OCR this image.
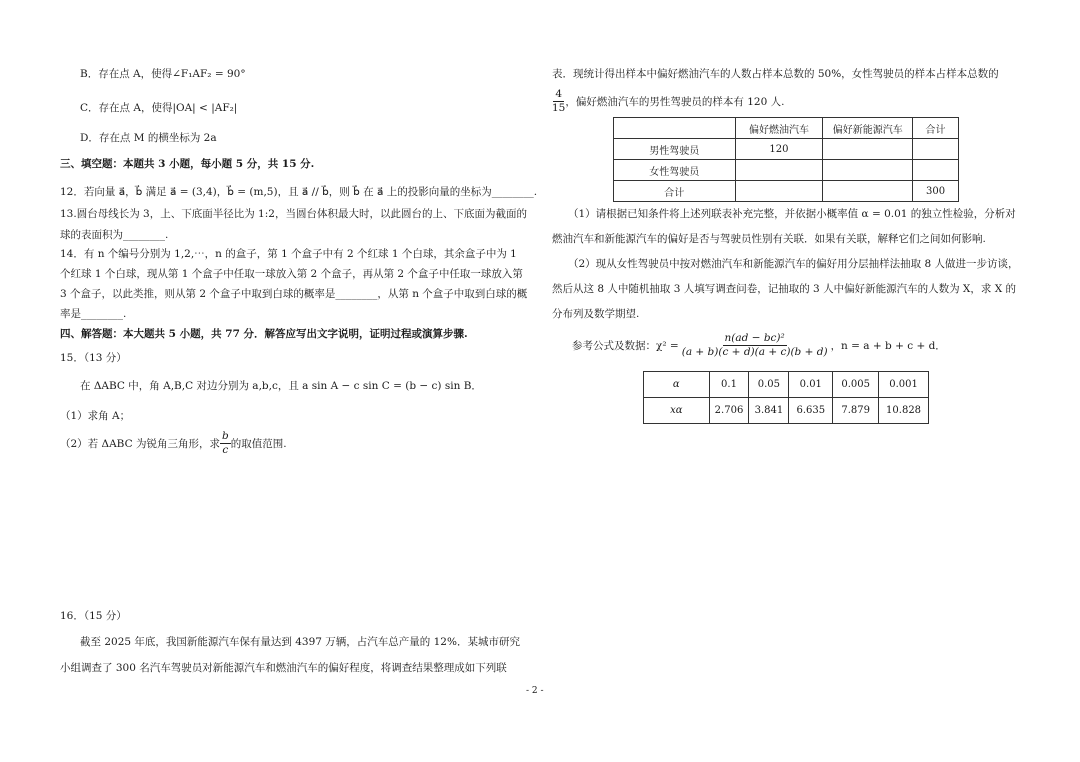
B．存在点 A，使得∠F₁AF₂ = 90°
C．存在点 A，使得|OA| < |AF₂|
D．存在点 M 的横坐标为 2a
三、填空题：本题共 3 小题，每小题 5 分，共 15 分.
12．若向量 a⃗，b⃗ 满足 a⃗ = (3,4)，b⃗ = (m,5)，且 a⃗ // b⃗，则 b⃗ 在 a⃗ 上的投影向量的坐标为________.
13.圆台母线长为 3，上、下底面半径比为 1:2，当圆台体积最大时，以此圆台的上、下底面为截面的球的表面积为________.
14．有 n 个编号分别为 1,2,⋯，n 的盒子，第 1 个盒子中有 2 个红球 1 个白球，其余盒子中为 1 个红球 1 个白球，现从第 1 个盒子中任取一球放入第 2 个盒子，再从第 2 个盒子中任取一球放入第 3 个盒子，以此类推，则从第 2 个盒子中取到白球的概率是________，从第 n 个盒子中取到白球的概率是________.
四、解答题：本大题共 5 小题，共 77 分．解答应写出文字说明，证明过程或演算步骤.
15．（13 分）
在 ΔABC 中，角 A,B,C 对边分别为 a,b,c，且 a sin A − c sin C = (b − c) sin B．
（1）求角 A；
（2）若 ΔABC 为锐角三角形，求 $\frac{b}{c}$ 的取值范围.
16．（15 分）
截至 2025 年底，我国新能源汽车保有量达到 4397 万辆，占汽车总产量的 12%．某城市研究
小组调查了 300 名汽车驾驶员对新能源汽车和燃油汽车的偏好程度，将调查结果整理成如下列联
表．现统计得出样本中偏好燃油汽车的人数占样本总数的 50%，女性驾驶员的样本占样本总数的
$\frac{4}{15}$ ，偏好燃油汽车的男性驾驶员的样本有 120 人.
	偏好燃油汽车	偏好新能源汽车	合计
男性驾驶员	120		
女性驾驶员			
合计			300
（1）请根据已知条件将上述列联表补充完整，并依据小概率值 α = 0.01 的独立性检验，分析对
燃油汽车和新能源汽车的偏好是否与驾驶员性别有关联．如果有关联，解释它们之间如何影响.
（2）现从女性驾驶员中按对燃油汽车和新能源汽车的偏好用分层抽样法抽取 8 人做进一步访谈，
然后从这 8 人中随机抽取 3 人填写调查问卷，记抽取的 3 人中偏好新能源汽车的人数为 X，求 X 的
分布列及数学期望.
参考公式及数据：$\chi^2 = \frac{\text{n(ad − bc)²}}{(a + b)(c + d)(a + c)(b + d)}$ ，n = a + b + c + d．
α	0.1	0.05	0.01	0.005	0.001
xα	2.706	3.841	6.635	7.879	10.828
- 2 -
